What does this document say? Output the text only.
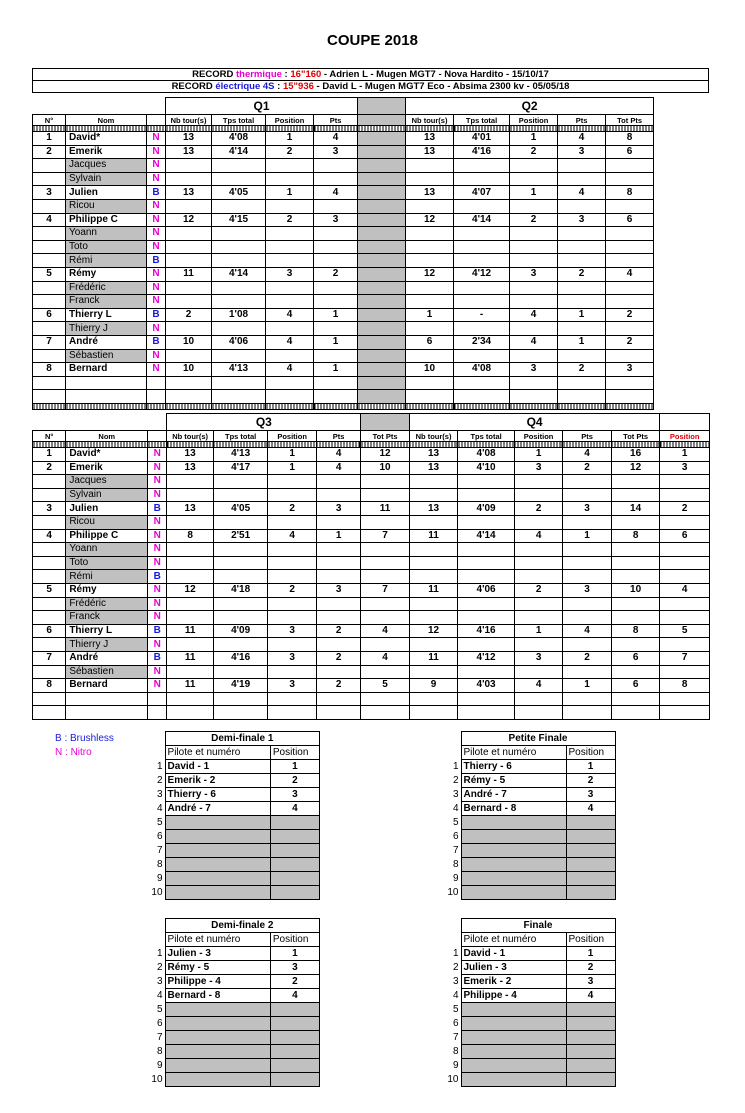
COUPE 2018
RECORD thermique : 16"160 - Adrien L - Mugen MGT7 - Nova Hardito - 15/10/17
RECORD électrique 4S : 15"936 - David L - Mugen MGT7 Eco - Absima 2300 kv - 05/05/18
			Q1					Q2					
N°	Nom		Nb tour(s)	Tps total	Position	Pts		Nb tour(s)	Tps total	Position	Pts	Tot Pts	

1	David*	N	13	4'08	1	4		13	4'01	1	4	8	
2	Emerik	N	13	4'14	2	3		13	4'16	2	3	6	
	Jacques	N											
	Sylvain	N											
3	Julien	B	13	4'05	1	4		13	4'07	1	4	8	
	Ricou	N											
4	Philippe C	N	12	4'15	2	3		12	4'14	2	3	6	
	Yoann	N											
	Toto	N											
	Rémi	B											
5	Rémy	N	11	4'14	3	2		12	4'12	3	2	4	
	Frédéric	N											
	Franck	N											
6	Thierry L	B	2	1'08	4	1		1	-	4	1	2	
	Thierry J	N											
7	André	B	10	4'06	4	1		6	2'34	4	1	2	
	Sébastien	N											
8	Bernard	N	10	4'13	4	1		10	4'08	3	2	3	

			Q3					Q4					
N°	Nom		Nb tour(s)	Tps total	Position	Pts	Tot Pts	Nb tour(s)	Tps total	Position	Pts	Tot Pts	Position

1	David*	N	13	4'13	1	4	12	13	4'08	1	4	16	1
2	Emerik	N	13	4'17	1	4	10	13	4'10	3	2	12	3
	Jacques	N											
	Sylvain	N											
3	Julien	B	13	4'05	2	3	11	13	4'09	2	3	14	2
	Ricou	N											
4	Philippe C	N	8	2'51	4	1	7	11	4'14	4	1	8	6
	Yoann	N											
	Toto	N											
	Rémi	B											
5	Rémy	N	12	4'18	2	3	7	11	4'06	2	3	10	4
	Frédéric	N											
	Franck	N											
6	Thierry L	B	11	4'09	3	2	4	12	4'16	1	4	8	5
	Thierry J	N											
7	André	B	11	4'16	3	2	4	11	4'12	3	2	6	7
	Sébastien	N											
8	Bernard	N	11	4'19	3	2	5	9	4'03	4	1	6	8

B : Brushless
N : Nitro
	Demi-finale 1	
	Pilote et numéro	Position
1	David - 1	1
2	Emerik - 2	2
3	Thierry - 6	3
4	André - 7	4
5		
6		
7		
8		
9		
10		
	Petite Finale	
	Pilote et numéro	Position
1	Thierry - 6	1
2	Rémy - 5	2
3	André - 7	3
4	Bernard - 8	4
5		
6		
7		
8		
9		
10		
	Demi-finale 2	
	Pilote et numéro	Position
1	Julien - 3	1
2	Rémy - 5	3
3	Philippe - 4	2
4	Bernard - 8	4
5		
6		
7		
8		
9		
10		
	Finale	
	Pilote et numéro	Position
1	David - 1	1
2	Julien - 3	2
3	Emerik - 2	3
4	Philippe - 4	4
5		
6		
7		
8		
9		
10		
